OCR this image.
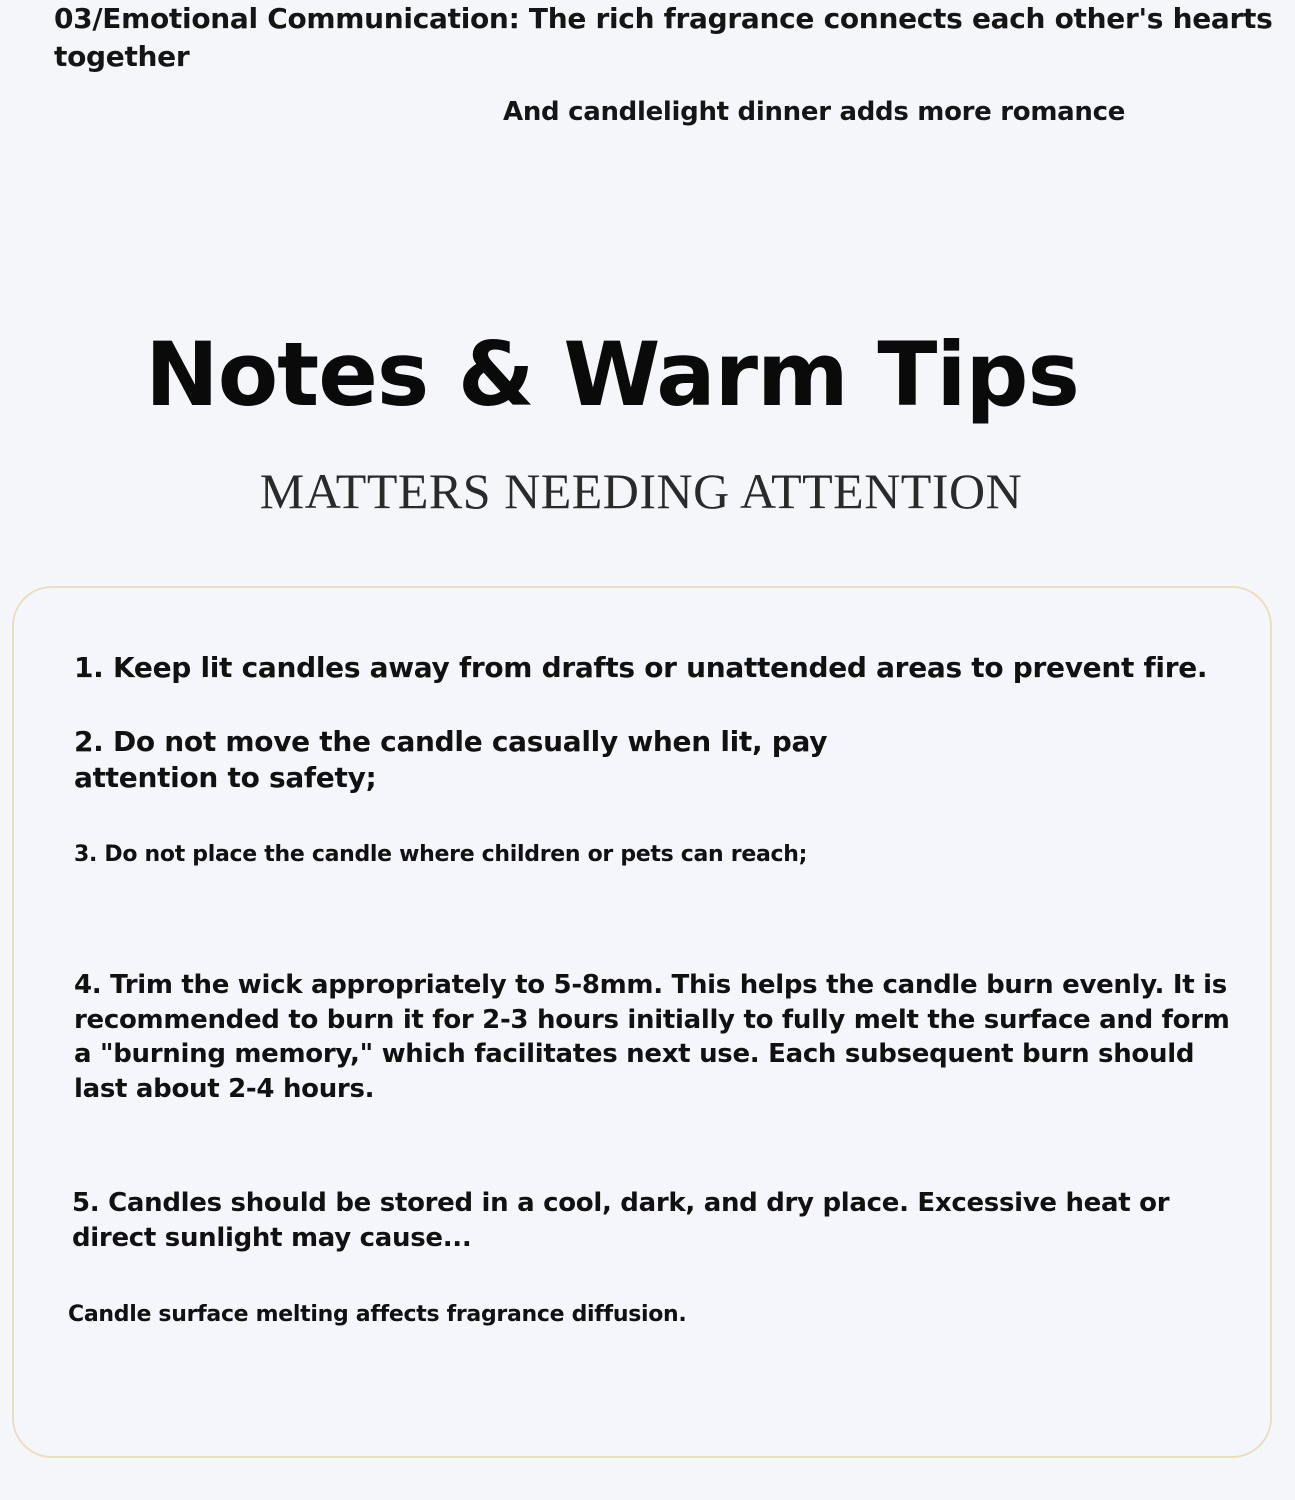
03/Emotional Communication: The rich fragrance connects each other's hearts together
And candlelight dinner adds more romance
Notes & Warm Tips
MATTERS NEEDING ATTENTION
1. Keep lit candles away from drafts or unattended areas to prevent fire.
2. Do not move the candle casually when lit, pay attention to safety;
3. Do not place the candle where children or pets can reach;
4. Trim the wick appropriately to 5-8mm. This helps the candle burn evenly. It is recommended to burn it for 2-3 hours initially to fully melt the surface and form a "burning memory," which facilitates next use. Each subsequent burn should last about 2-4 hours.
5. Candles should be stored in a cool, dark, and dry place. Excessive heat or direct sunlight may cause...
Candle surface melting affects fragrance diffusion.
